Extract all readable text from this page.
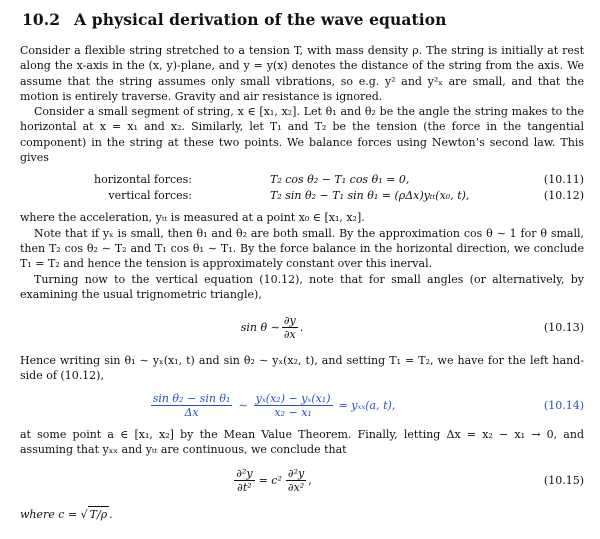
10.2 A physical derivation of the wave equation

Consider a flexible string stretched to a tension T, with mass density ρ. The string is initially at rest along the x-axis in the (x, y)-plane, and y = y(x) denotes the distance of the string from the axis. We assume that the string assumes only small vibrations, so e.g. y² and y²ₓ are small, and that the motion is entirely traverse. Gravity and air resistance is ignored.

Consider a small segment of string, x ∈ [x₁, x₂]. Let θ₁ and θ₂ be the angle the string makes to the horizontal at x = x₁ and x₂. Similarly, let T₁ and T₂ be the tension (the force in the tangential component) in the string at these two points. We balance forces using Newton’s second law. This gives

horizontal forces:	T₂ cos θ₂ − T₁ cos θ₁ = 0,	(10.11)
vertical forces:	T₂ sin θ₂ − T₁ sin θ₁ = (ρΔx)yₜₜ(x₀, t),	(10.12)

where the acceleration, yₜₜ is measured at a point x₀ ∈ [x₁, x₂].

Note that if yₓ is small, then θ₁ and θ₂ are both small. By the approximation cos θ ∼ 1 for θ small, then T₂ cos θ₂ ∼ T₂ and T₁ cos θ₁ ∼ T₁. By the force balance in the horizontal direction, we conclude T₁ = T₂ and hence the tension is approximately constant over this inerval.

Turning now to the vertical equation (10.12), note that for small angles (or alternatively, by examining the usual trignometric triangle),

sin θ ∼ $\frac{\partial y}{\partial x}$ .	(10.13)

Hence writing sin θ₁ ∼ yₓ(x₁, t) and sin θ₂ ∼ yₓ(x₂, t), and setting T₁ = T₂, we have for the left hand-side of (10.12),

$\frac{\text{sin θ₂ − sin θ₁}}{\Delta x}$ ∼ $\frac{\text{yₓ(x₂) − yₓ(x₁)}}{\text{x₂ − x₁}} = y_{xx}(a$, t),	(10.14)

at some point a ∈ [x₁, x₂] by the Mean Value Theorem. Finally, letting Δx = x₂ − x₁ → 0, and assuming that yₓₓ and yₜₜ are continuous, we conclude that

$\frac{\text{∂²y}}{\text{∂t²}} = c^2 \frac{\text{∂²y}}{\text{∂x²}}$ ,	(10.15)

where c = √ T/ρ .
